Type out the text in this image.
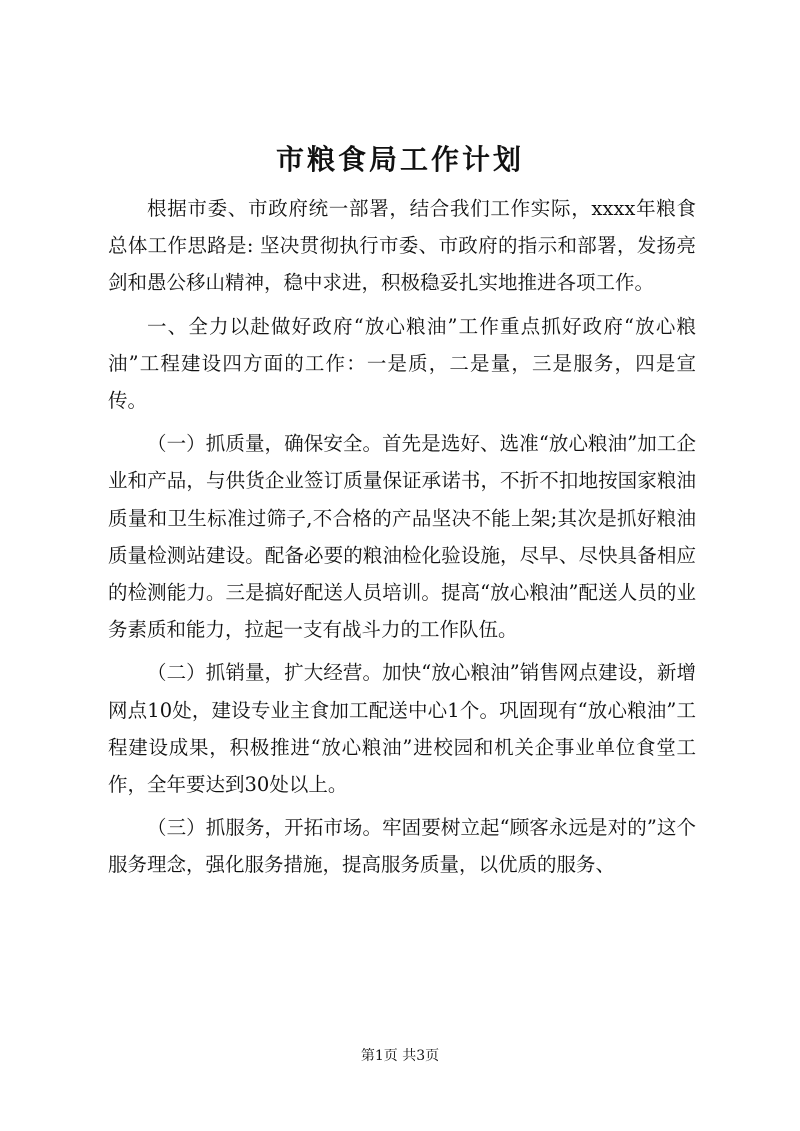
市粮食局工作计划

根据市委、市政府统一部署，结合我们工作实际，xxxx年粮食总体工作思路是: 坚决贯彻执行市委、市政府的指示和部署，发扬亮剑和愚公移山精神，稳中求进，积极稳妥扎实地推进各项工作。

一、全力以赴做好政府“放心粮油”工作重点抓好政府“放心粮油”工程建设四方面的工作：一是质，二是量，三是服务，四是宣传。

（一）抓质量，确保安全。首先是选好、选准“放心粮油”加工企业和产品，与供货企业签订质量保证承诺书，不折不扣地按国家粮油质量和卫生标准过筛子,不合格的产品坚决不能上架;其次是抓好粮油质量检测站建设。配备必要的粮油检化验设施，尽早、尽快具备相应的检测能力。三是搞好配送人员培训。提高“放心粮油”配送人员的业务素质和能力，拉起一支有战斗力的工作队伍。

（二）抓销量，扩大经营。加快“放心粮油”销售网点建设，新增网点10处，建设专业主食加工配送中心1个。巩固现有“放心粮油”工程建设成果，积极推进“放心粮油”进校园和机关企事业单位食堂工作，全年要达到30处以上。

（三）抓服务，开拓市场。牢固要树立起“顾客永远是对的”这个服务理念，强化服务措施，提高服务质量，以优质的服务、

第1页 共3页
